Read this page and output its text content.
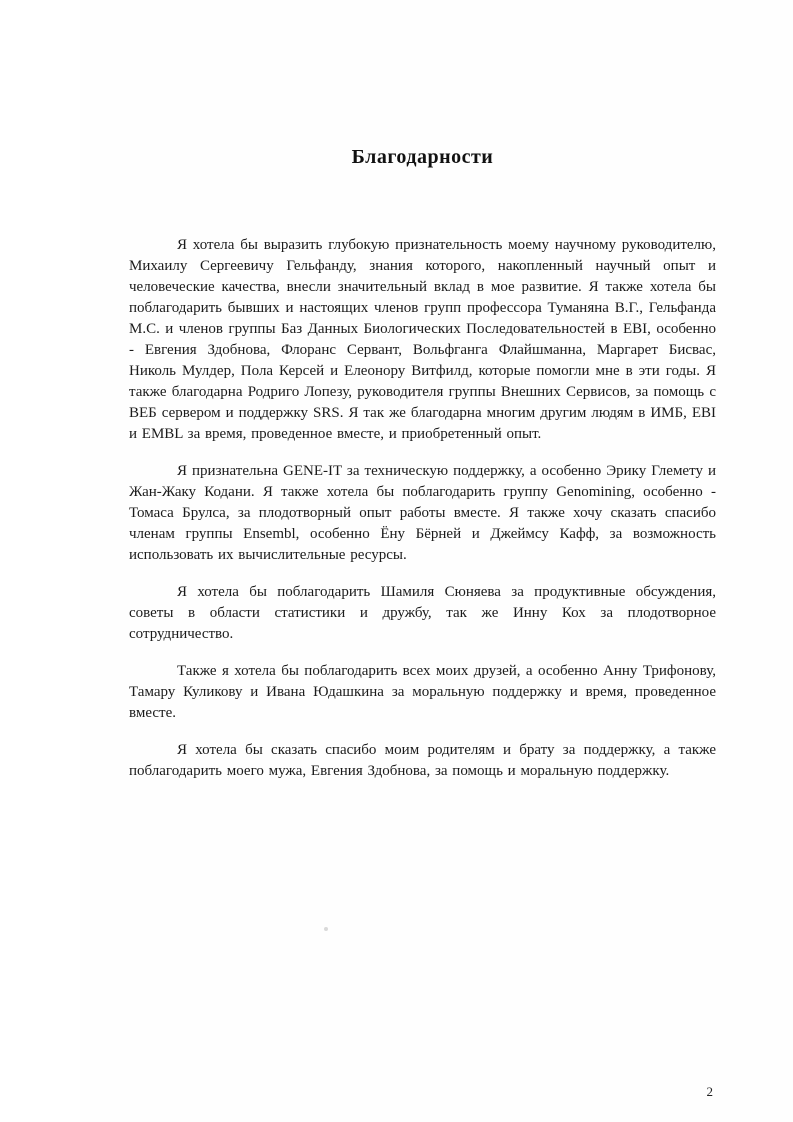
Благодарности

Я хотела бы выразить глубокую признательность моему научному руководителю, Михаилу Сергеевичу Гельфанду, знания которого, накопленный научный опыт и человеческие качества, внесли значительный вклад в мое развитие. Я также хотела бы поблагодарить бывших и настоящих членов групп профессора Туманяна В.Г., Гельфанда М.С. и членов группы Баз Данных Биологических Последовательностей в EBI, особенно - Евгения Здобнова, Флоранс Сервант, Вольфганга Флайшманна, Маргарет Бисвас, Николь Мулдер, Пола Керсей и Елеонору Витфилд, которые помогли мне в эти годы. Я также благодарна Родриго Лопезу, руководителя группы Внешних Сервисов, за помощь с ВЕБ сервером и поддержку SRS. Я так же благодарна многим другим людям в ИМБ, EBI и EMBL за время, проведенное вместе, и приобретенный опыт.

Я признательна GENE-IT за техническую поддержку, а особенно Эрику Глемету и Жан-Жаку Кодани. Я также хотела бы поблагодарить группу Genomining, особенно - Томаса Брулса, за плодотворный опыт работы вместе. Я также хочу сказать спасибо членам группы Ensembl, особенно Ёну Бёрней и Джеймсу Кафф, за возможность использовать их вычислительные ресурсы.

Я хотела бы поблагодарить Шамиля Сюняева за продуктивные обсуждения, советы в области статистики и дружбу, так же Инну Кох за плодотворное сотрудничество.

Также я хотела бы поблагодарить всех моих друзей, а особенно Анну Трифонову, Тамару Куликову и Ивана Юдашкина за моральную поддержку и время, проведенное вместе.

Я хотела бы сказать спасибо моим родителям и брату за поддержку, а также поблагодарить моего мужа, Евгения Здобнова, за помощь и моральную поддержку.

2
